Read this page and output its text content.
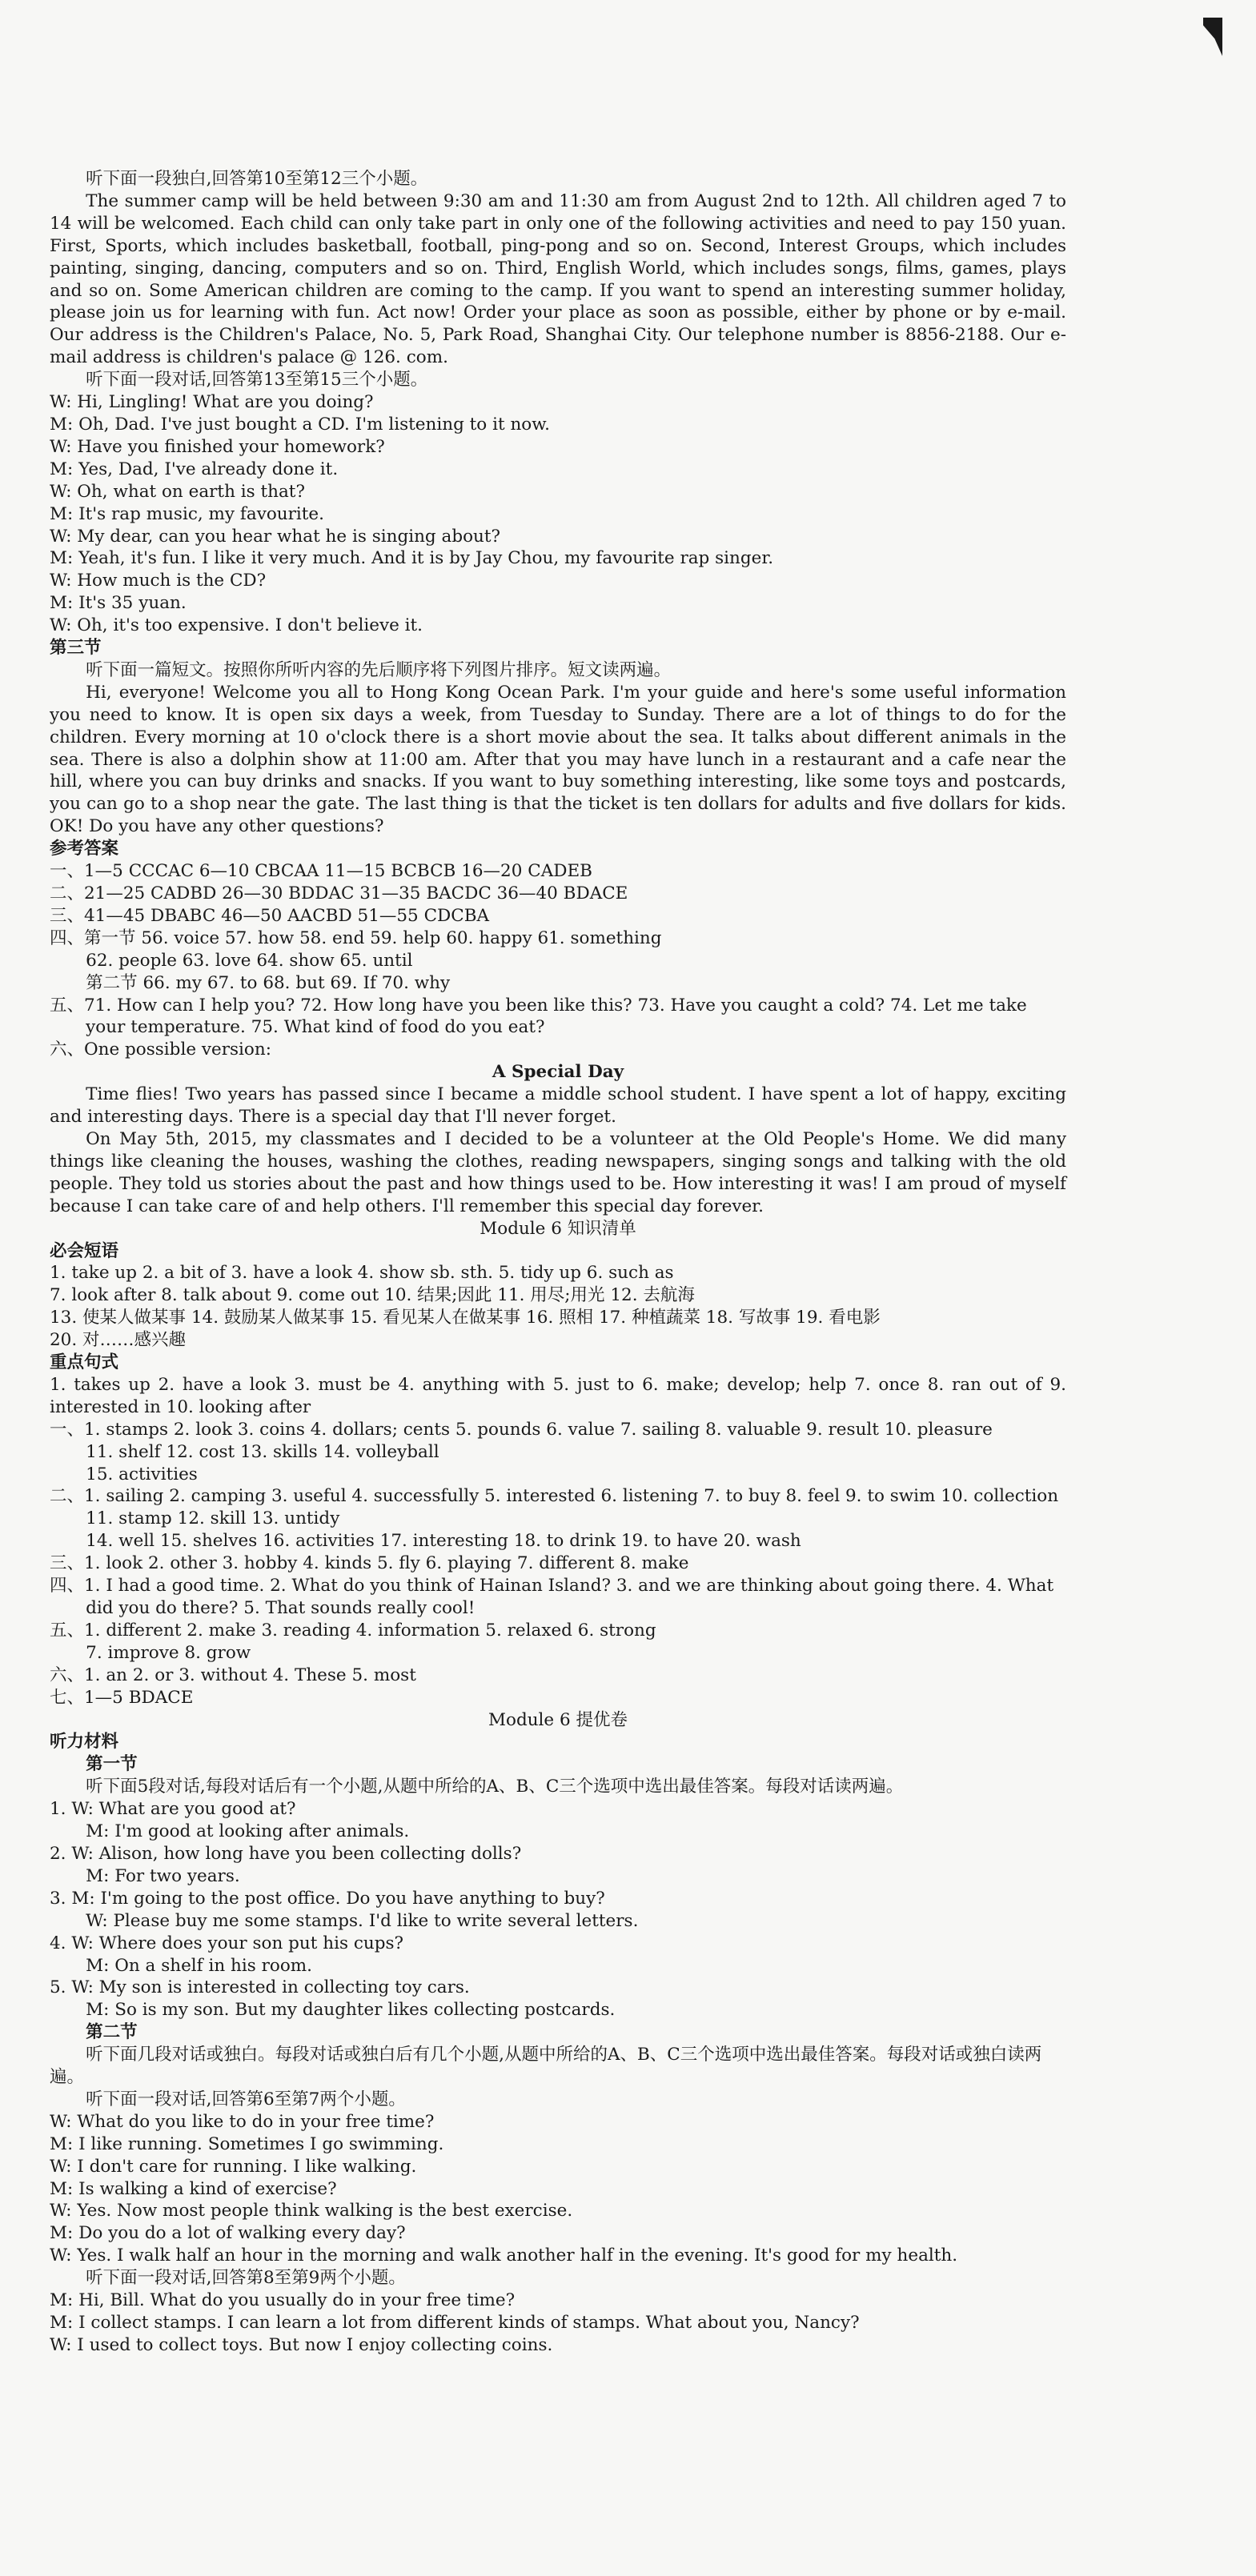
听下面一段独白,回答第10至第12三个小题。

The summer camp will be held between 9:30 am and 11:30 am from August 2nd to 12th. All children aged 7 to 14 will be welcomed. Each child can only take part in only one of the following activities and need to pay 150 yuan. First, Sports, which includes basketball, football, ping-pong and so on. Second, Interest Groups, which includes painting, singing, dancing, computers and so on. Third, English World, which includes songs, films, games, plays and so on. Some American children are coming to the camp. If you want to spend an interesting summer holiday, please join us for learning with fun. Act now! Order your place as soon as possible, either by phone or by e-mail. Our address is the Children's Palace, No. 5, Park Road, Shanghai City. Our telephone number is 8856-2188. Our e-mail address is children's palace @ 126. com.

听下面一段对话,回答第13至第15三个小题。

W: Hi, Lingling! What are you doing?

M: Oh, Dad. I've just bought a CD. I'm listening to it now.

W: Have you finished your homework?

M: Yes, Dad, I've already done it.

W: Oh, what on earth is that?

M: It's rap music, my favourite.

W: My dear, can you hear what he is singing about?

M: Yeah, it's fun. I like it very much. And it is by Jay Chou, my favourite rap singer.

W: How much is the CD?

M: It's 35 yuan.

W: Oh, it's too expensive. I don't believe it.

第三节

听下面一篇短文。按照你所听内容的先后顺序将下列图片排序。短文读两遍。

Hi, everyone! Welcome you all to Hong Kong Ocean Park. I'm your guide and here's some useful information you need to know. It is open six days a week, from Tuesday to Sunday. There are a lot of things to do for the children. Every morning at 10 o'clock there is a short movie about the sea. It talks about different animals in the sea. There is also a dolphin show at 11:00 am. After that you may have lunch in a restaurant and a cafe near the hill, where you can buy drinks and snacks. If you want to buy something interesting, like some toys and postcards, you can go to a shop near the gate. The last thing is that the ticket is ten dollars for adults and five dollars for kids. OK! Do you have any other questions?

参考答案

一、1—5 CCCAC 6—10 CBCAA 11—15 BCBCB 16—20 CADEB

二、21—25 CADBD 26—30 BDDAC 31—35 BACDC 36—40 BDACE

三、41—45 DBABC 46—50 AACBD 51—55 CDCBA

四、第一节 56. voice 57. how 58. end 59. help 60. happy 61. something

62. people 63. love 64. show 65. until

第二节 66. my 67. to 68. but 69. If 70. why

五、71. How can I help you? 72. How long have you been like this? 73. Have you caught a cold? 74. Let me take your temperature. 75. What kind of food do you eat?

六、One possible version:

A Special Day

Time flies! Two years has passed since I became a middle school student. I have spent a lot of happy, exciting and interesting days. There is a special day that I'll never forget.

On May 5th, 2015, my classmates and I decided to be a volunteer at the Old People's Home. We did many things like cleaning the houses, washing the clothes, reading newspapers, singing songs and talking with the old people. They told us stories about the past and how things used to be. How interesting it was! I am proud of myself because I can take care of and help others. I'll remember this special day forever.

Module 6 知识清单

必会短语

1. take up 2. a bit of 3. have a look 4. show sb. sth. 5. tidy up 6. such as

7. look after 8. talk about 9. come out 10. 结果;因此 11. 用尽;用光 12. 去航海

13. 使某人做某事 14. 鼓励某人做某事 15. 看见某人在做某事 16. 照相 17. 种植蔬菜 18. 写故事 19. 看电影

20. 对……感兴趣

重点句式

1. takes up 2. have a look 3. must be 4. anything with 5. just to 6. make; develop; help 7. once 8. ran out of 9. interested in 10. looking after

一、1. stamps 2. look 3. coins 4. dollars; cents 5. pounds 6. value 7. sailing 8. valuable 9. result 10. pleasure

11. shelf 12. cost 13. skills 14. volleyball

15. activities

二、1. sailing 2. camping 3. useful 4. successfully 5. interested 6. listening 7. to buy 8. feel 9. to swim 10. collection 11. stamp 12. skill 13. untidy

14. well 15. shelves 16. activities 17. interesting 18. to drink 19. to have 20. wash

三、1. look 2. other 3. hobby 4. kinds 5. fly 6. playing 7. different 8. make

四、1. I had a good time. 2. What do you think of Hainan Island? 3. and we are thinking about going there. 4. What did you do there? 5. That sounds really cool!

五、1. different 2. make 3. reading 4. information 5. relaxed 6. strong

7. improve 8. grow

六、1. an 2. or 3. without 4. These 5. most

七、1—5 BDACE

Module 6 提优卷

听力材料

第一节

听下面5段对话,每段对话后有一个小题,从题中所给的A、B、C三个选项中选出最佳答案。每段对话读两遍。

1. W: What are you good at?

M: I'm good at looking after animals.

2. W: Alison, how long have you been collecting dolls?

M: For two years.

3. M: I'm going to the post office. Do you have anything to buy?

W: Please buy me some stamps. I'd like to write several letters.

4. W: Where does your son put his cups?

M: On a shelf in his room.

5. W: My son is interested in collecting toy cars.

M: So is my son. But my daughter likes collecting postcards.

第二节

听下面几段对话或独白。每段对话或独白后有几个小题,从题中所给的A、B、C三个选项中选出最佳答案。每段对话或独白读两遍。

听下面一段对话,回答第6至第7两个小题。

W: What do you like to do in your free time?

M: I like running. Sometimes I go swimming.

W: I don't care for running. I like walking.

M: Is walking a kind of exercise?

W: Yes. Now most people think walking is the best exercise.

M: Do you do a lot of walking every day?

W: Yes. I walk half an hour in the morning and walk another half in the evening. It's good for my health.

听下面一段对话,回答第8至第9两个小题。

M: Hi, Bill. What do you usually do in your free time?

M: I collect stamps. I can learn a lot from different kinds of stamps. What about you, Nancy?

W: I used to collect toys. But now I enjoy collecting coins.
